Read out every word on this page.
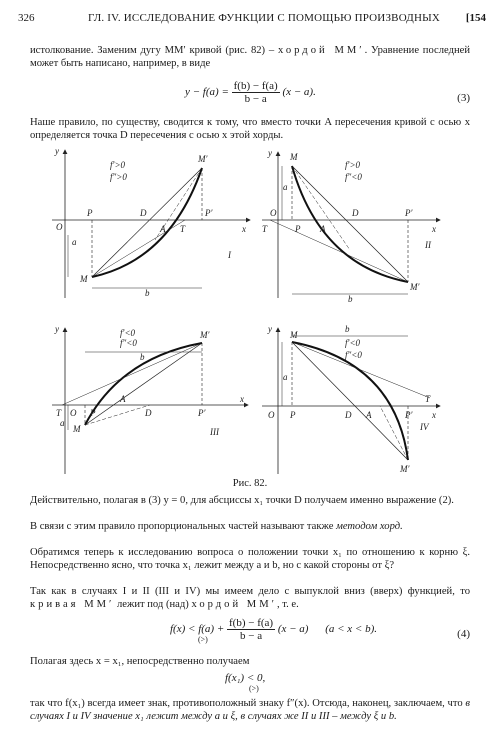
326	ГЛ. IV. ИССЛЕДОВАНИЕ ФУНКЦИИ С ПОМОЩЬЮ ПРОИЗВОДНЫХ [154
истолкование. Заменим дугу MM′ кривой (рис. 82) – хордой MM′. Уравнение последней может быть написано, например, в виде
$y - f(a) = \frac{f(b) - f(a)}{b - a} (x - a)$.	(3)
Наше правило, по существу, сводится к тому, что вместо точки A пересечения кривой с осью x определяется точка D пересечения с осью x этой хорды.
y
x
O
P	D
A T
P′
M
M′
a
b
f′>0
f″>0
I
y
x
O
T	P A
D	P′
M
M′
a
b
f′>0
f″<0
II
y
x
T O P
A
D	P′
M
M′
a
b
f′<0
f″<0
III
y
x
O P	D A
T
P′
M
M′
a
b
f′<0
f″<0
IV
Рис. 82.
Действительно, полагая в (3) y = 0, для абсциссы x₁ точки D получаем именно выражение (2).
В связи с этим правило пропорциональных частей называют также методом хорд.
Обратимся теперь к исследованию вопроса о положении точки x₁ по отношению к корню ξ. Непосредственно ясно, что точка x₁ лежит между a и b, но с какой стороны от ξ?
Так как в случаях I и II (III и IV) мы имеем дело с выпуклой вниз (вверх) функцией, то кривая MM′ лежит под (над) хордой MM′, т. е.
f(x) < f(a) +
(>)
$\frac{f(b) - f(a)}{b - a} (x - a) (a < x < b)$.	(4)
Полагая здесь x = x₁, непосредственно получаем
f(x₁) < 0,
(>)
так что f(x₁) всегда имеет знак, противоположный знаку f″(x). Отсюда, наконец, заключаем, что в случаях I и IV значение x₁ лежит между a и ξ, в случаях же II и III – между ξ и b.
